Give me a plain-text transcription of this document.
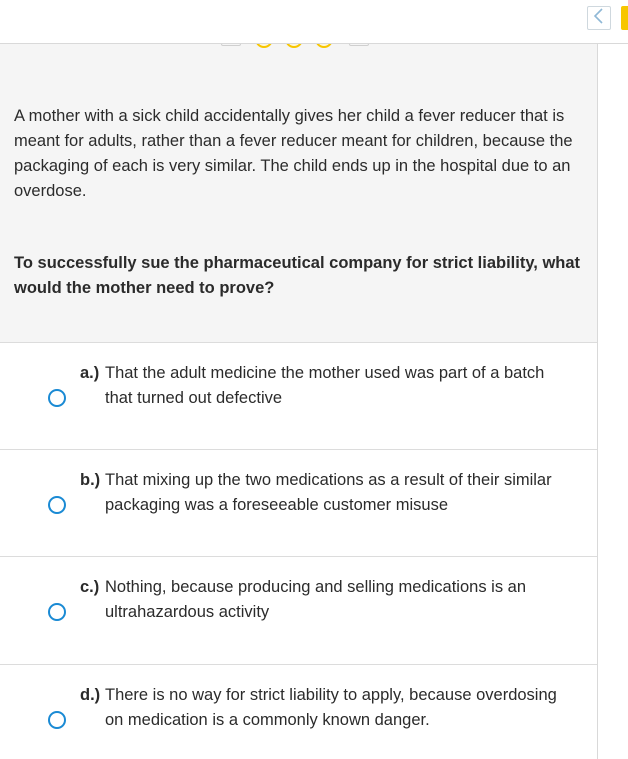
A mother with a sick child accidentally gives her child a fever reducer that is meant for adults, rather than a fever reducer meant for children, because the packaging of each is very similar. The child ends up in the hospital due to an overdose.

To successfully sue the pharmaceutical company for strict liability, what would the mother need to prove?

a.) That the adult medicine the mother used was part of a batch that turned out defective
b.) That mixing up the two medications as a result of their similar packaging was a foreseeable customer misuse
c.) Nothing, because producing and selling medications is an ultrahazardous activity
d.) There is no way for strict liability to apply, because overdosing on medication is a commonly known danger.
